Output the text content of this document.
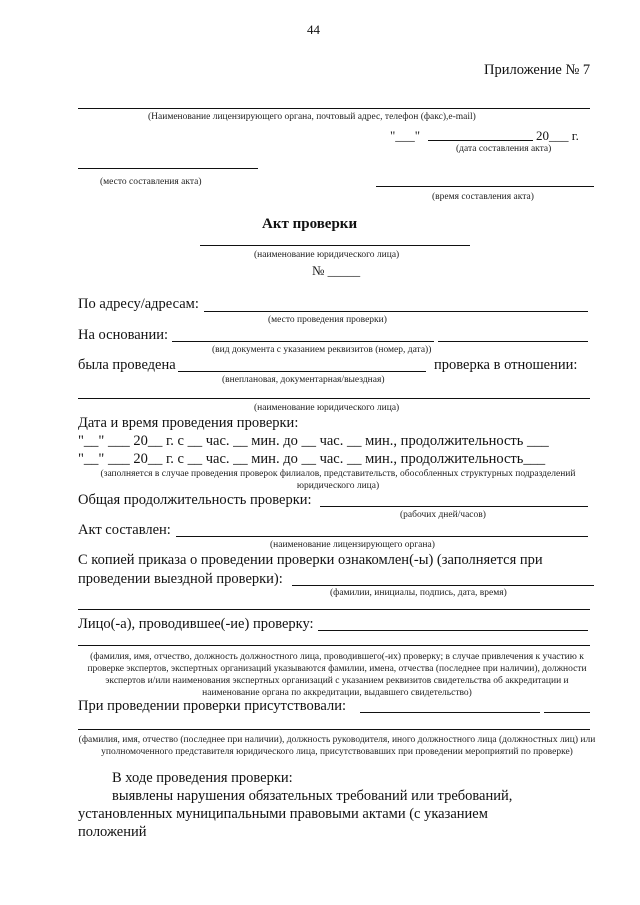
44
Приложение № 7
(Наименование лицензирующего органа, почтовый адрес, телефон (факс),e-mail)
"___"	20___ г.
(дата составления акта)
(место составления акта)
(время составления акта)
Акт проверки
(наименование юридического лица)
№ _____
По адресу/адресам:
(место проведения проверки)
На основании:
(вид документа с указанием реквизитов (номер, дата))
была проведена	проверка в отношении:
(внеплановая, документарная/выездная)
(наименование юридического лица)
Дата и время проведения проверки:
"__" ___ 20__ г. с __ час. __ мин. до __ час. __ мин., продолжительность ___
"__" ___ 20__ г. с __ час. __ мин. до __ час. __ мин., продолжительность___
(заполняется в случае проведения проверок филиалов, представительств, обособленных структурных подразделений юридического лица)
Общая продолжительность проверки:
(рабочих дней/часов)
Акт составлен:
(наименование лицензирующего органа)
С копией приказа о проведении проверки ознакомлен(-ы) (заполняется при
проведении выездной проверки):
(фамилии, инициалы, подпись, дата, время)
Лицо(-а), проводившее(-ие) проверку:
(фамилия, имя, отчество, должность должностного лица, проводившего(-их) проверку; в случае привлечения к участию к проверке экспертов, экспертных организаций указываются фамилии, имена, отчества (последнее при наличии), должности экспертов и/или наименования экспертных организаций с указанием реквизитов свидетельства об аккредитации и наименование органа по аккредитации, выдавшего свидетельство)
При проведении проверки присутствовали:
(фамилия, имя, отчество (последнее при наличии), должность руководителя, иного должностного лица (должностных лиц) или уполномоченного представителя юридического лица, присутствовавших при проведении мероприятий по проверке)
В ходе проведения проверки:
выявлены нарушения обязательных требований или требований,
установленных муниципальными правовыми актами (с указанием
положений
